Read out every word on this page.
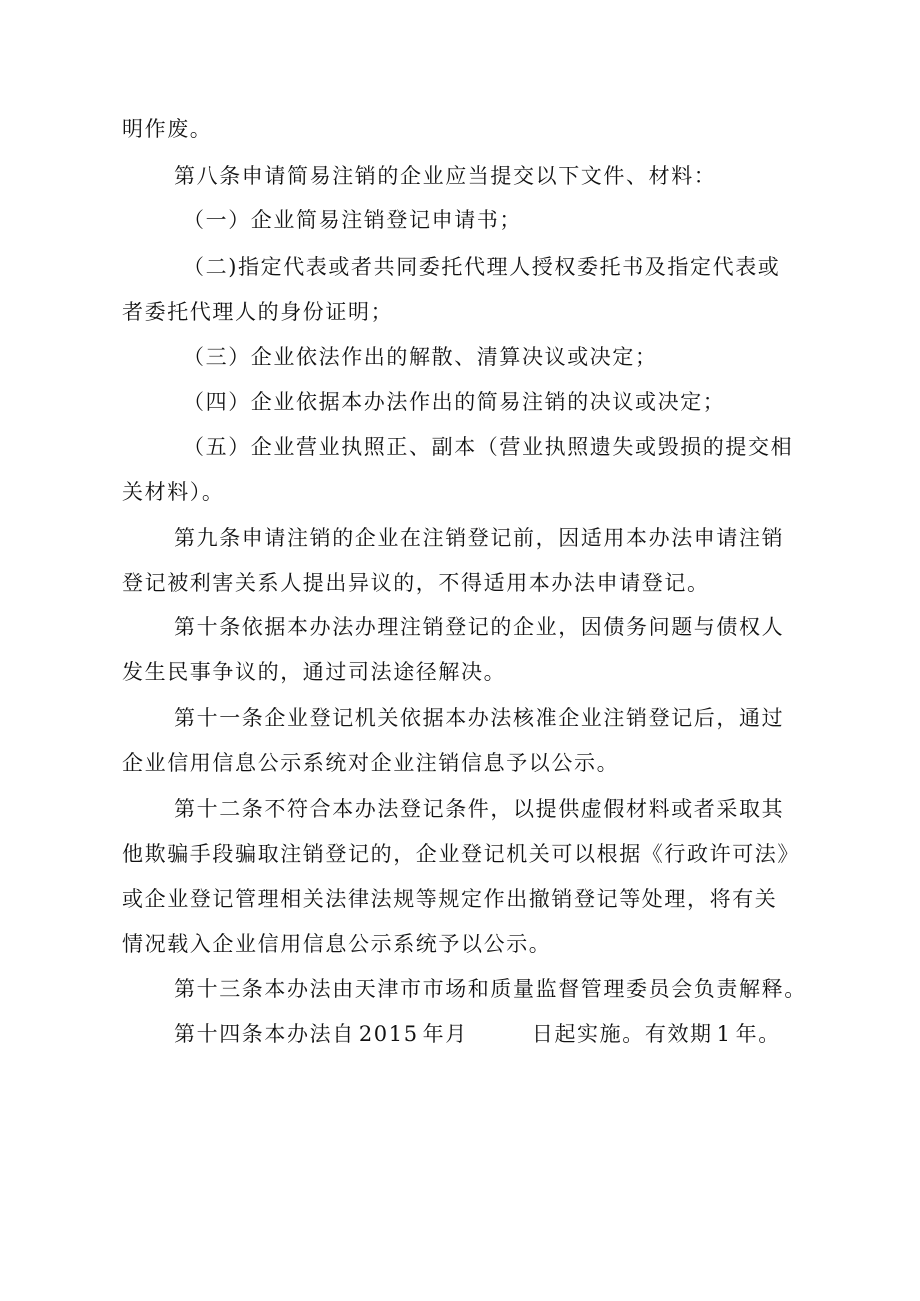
明作废。
第八条申请简易注销的企业应当提交以下文件、材料：
（一）企业简易注销登记申请书；
（二)指定代表或者共同委托代理人授权委托书及指定代表或
者委托代理人的身份证明；
（三）企业依法作出的解散、清算决议或决定；
（四）企业依据本办法作出的简易注销的决议或决定；
（五）企业营业执照正、副本（营业执照遗失或毁损的提交相
关材料）。
第九条申请注销的企业在注销登记前，因适用本办法申请注销
登记被利害关系人提出异议的，不得适用本办法申请登记。
第十条依据本办法办理注销登记的企业，因债务问题与债权人
发生民事争议的，通过司法途径解决。
第十一条企业登记机关依据本办法核准企业注销登记后，通过
企业信用信息公示系统对企业注销信息予以公示。
第十二条不符合本办法登记条件，以提供虚假材料或者采取其
他欺骗手段骗取注销登记的，企业登记机关可以根据《行政许可法》
或企业登记管理相关法律法规等规定作出撤销登记等处理，将有关
情况载入企业信用信息公示系统予以公示。
第十三条本办法由天津市市场和质量监督管理委员会负责解释。
第十四条本办法自 2015 年月	日起实施。有效期 1 年。
